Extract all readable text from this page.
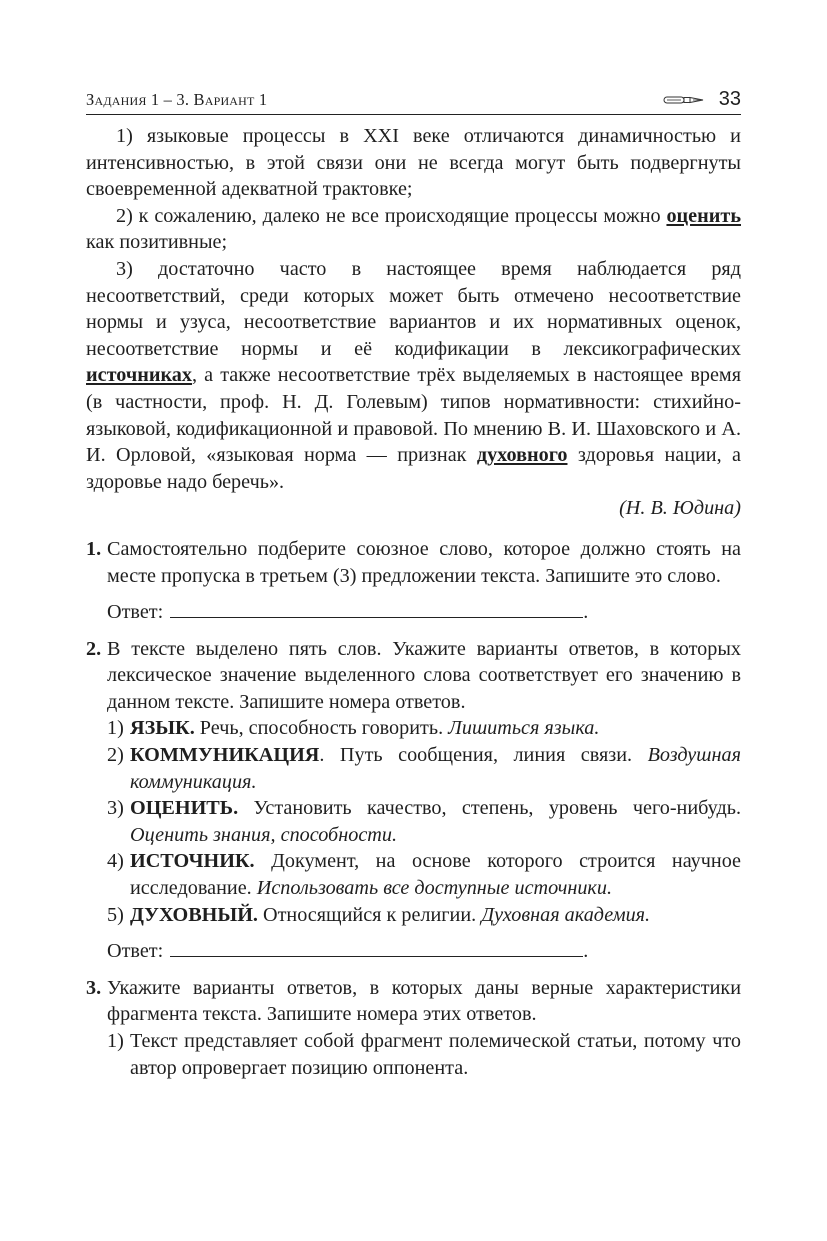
Задания 1 – 3. Вариант 1	33

1) языковые процессы в XXI веке отличаются динамичностью и интенсивностью, в этой связи они не всегда могут быть подвергнуты своевременной адекватной трактовке;

2) к сожалению, далеко не все происходящие процессы можно оценить как позитивные;

3) достаточно часто в настоящее время наблюдается ряд несоответствий, среди которых может быть отмечено несоответствие нормы и узуса, несоответствие вариантов и их нормативных оценок, несоответствие нормы и её кодификации в лексикографических источниках, а также несоответствие трёх выделяемых в настоящее время (в частности, проф. Н. Д. Голевым) типов нормативности: стихийно-языковой, кодификационной и правовой. По мнению В. И. Шаховского и А. И. Орловой, «языковая норма — признак духовного здоровья нации, а здоровье надо беречь».

(Н. В. Юдина)
1. Самостоятельно подберите союзное слово, которое должно стоять на месте пропуска в третьем (3) предложении текста. Запишите это слово.
Ответ:	.
2. В тексте выделено пять слов. Укажите варианты ответов, в которых лексическое значение выделенного слова соответствует его значению в данном тексте. Запишите номера ответов.
1) ЯЗЫК. Речь, способность говорить. Лишиться языка.
2) КОММУНИКАЦИЯ. Путь сообщения, линия связи. Воздушная коммуникация.
3) ОЦЕНИТЬ. Установить качество, степень, уровень чего-нибудь. Оценить знания, способности.
4) ИСТОЧНИК. Документ, на основе которого строится научное исследование. Использовать все доступные источники.
5) ДУХОВНЫЙ. Относящийся к религии. Духовная академия.
Ответ:	.
3. Укажите варианты ответов, в которых даны верные характеристики фрагмента текста. Запишите номера этих ответов.
1) Текст представляет собой фрагмент полемической статьи, потому что автор опровергает позицию оппонента.
